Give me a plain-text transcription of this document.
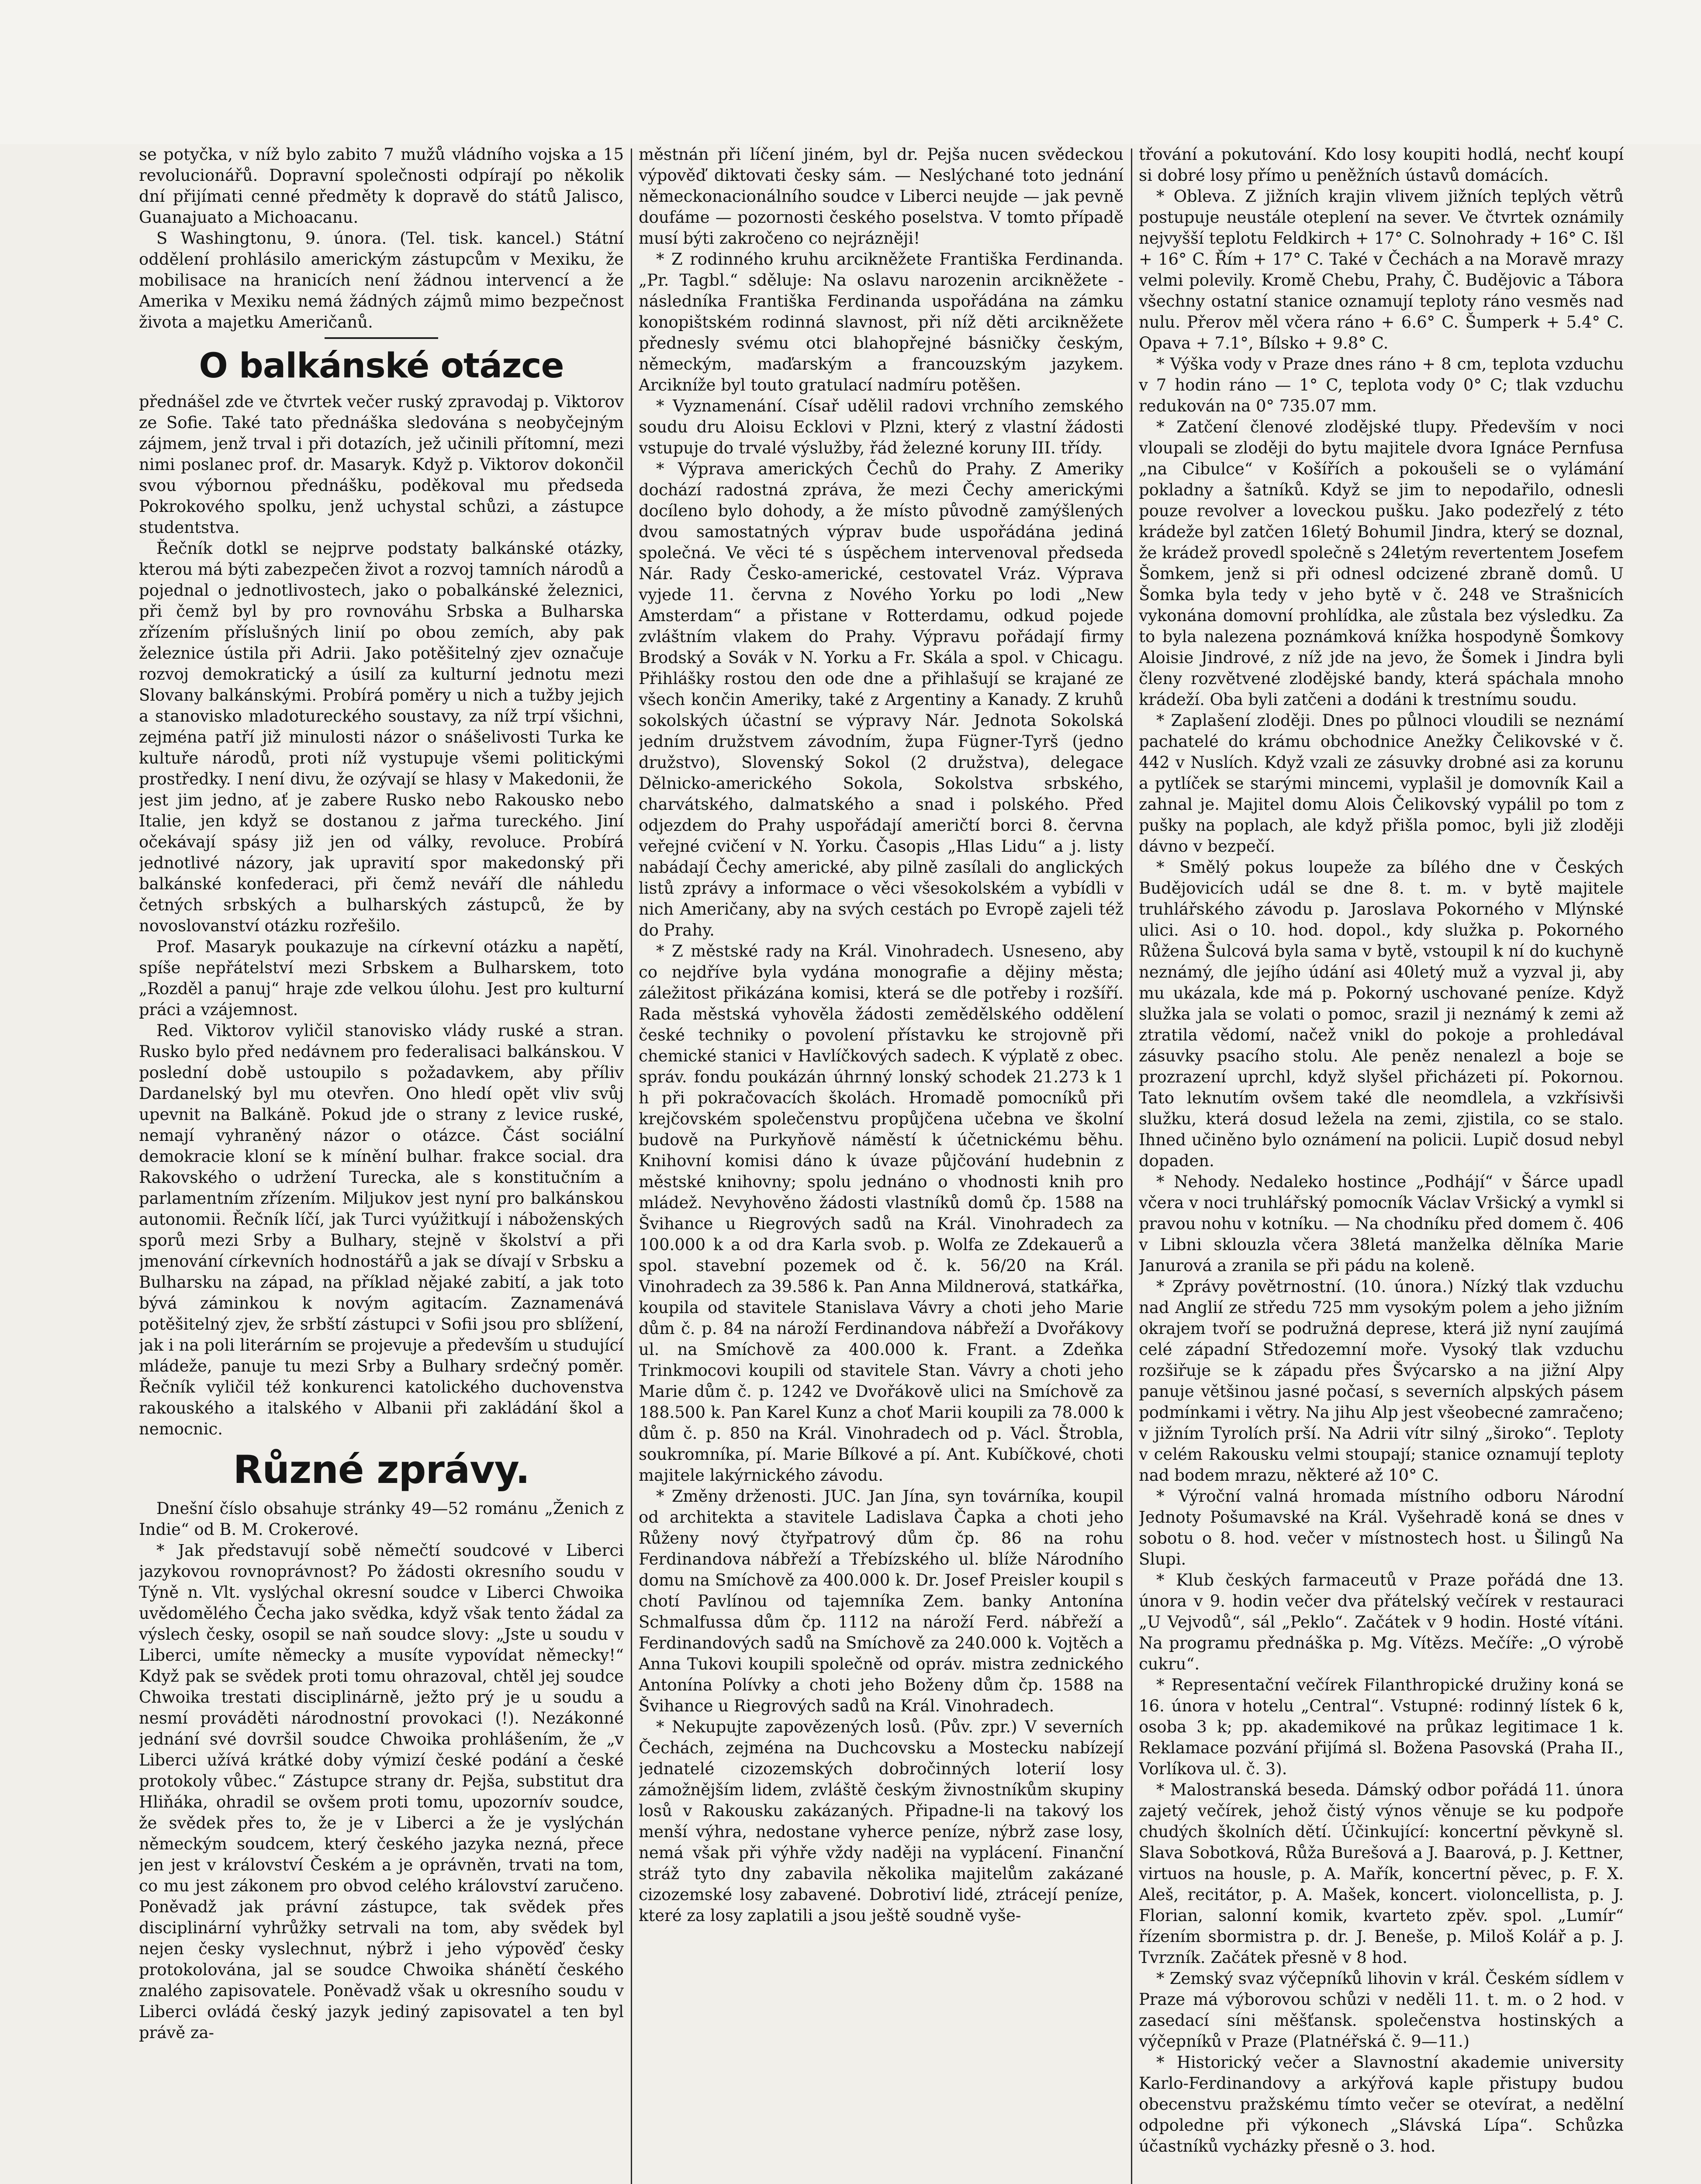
se potyčka, v níž bylo zabito 7 mužů vládního vojska a 15 revolucionářů. Dopravní společnosti odpírají po několik dní přijímati cenné předměty k dopravě do států Jalisco, Guanajuato a Michoacanu.

S Washingtonu, 9. února. (Tel. tisk. kancel.) Státní oddělení prohlásilo americkým zástupcům v Mexiku, že mobilisace na hranicích není žádnou intervencí a že Amerika v Mexiku nemá žádných zájmů mimo bezpečnost života a majetku Američanů.

O balkánské otázce

přednášel zde ve čtvrtek večer ruský zpravodaj p. Viktorov ze Sofie. Také tato přednáška sledována s neobyčejným zájmem, jenž trval i při dotazích, jež učinili přítomní, mezi nimi poslanec prof. dr. Masaryk. Když p. Viktorov dokončil svou výbornou přednášku, poděkoval mu předseda Pokrokového spolku, jenž uchystal schůzi, a zástupce studentstva.

Řečník dotkl se nejprve podstaty balkánské otázky, kterou má býti zabezpečen život a rozvoj tamních národů a pojednal o jednotlivostech, jako o pobalkánské železnici, při čemž byl by pro rovnováhu Srbska a Bulharska zřízením příslušných linií po obou zemích, aby pak železnice ústila při Adrii. Jako potěšitelný zjev označuje rozvoj demokratický a úsilí za kulturní jednotu mezi Slovany balkánskými. Probírá poměry u nich a tužby jejich a stanovisko mladotureckého soustavy, za níž trpí všichni, zejména patří již minulosti názor o snášelivosti Turka ke kultuře národů, proti níž vystupuje všemi politickými prostředky. I není divu, že ozývají se hlasy v Makedonii, že jest jim jedno, ať je zabere Rusko nebo Rakousko nebo Italie, jen když se dostanou z jařma tureckého. Jiní očekávají spásy již jen od války, revoluce. Probírá jednotlivé názory, jak upravití spor makedonský při balkánské konfederaci, při čemž neváří dle náhledu četných srbských a bulharských zástupců, že by novoslovanství otázku rozřešilo.

Prof. Masaryk poukazuje na církevní otázku a napětí, spíše nepřátelství mezi Srbskem a Bulharskem, toto „Rozděl a panuj“ hraje zde velkou úlohu. Jest pro kulturní práci a vzájemnost.

Red. Viktorov vyličil stanovisko vlády ruské a stran. Rusko bylo před nedávnem pro federalisaci balkánskou. V poslední době ustoupilo s požadavkem, aby příliv Dardanelský byl mu otevřen. Ono hledí opět vliv svůj upevnit na Balkáně. Pokud jde o strany z levice ruské, nemají vyhraněný názor o otázce. Část sociální demokracie kloní se k mínění bulhar. frakce social. dra Rakovského o udržení Turecka, ale s konstitučním a parlamentním zřízením. Miljukov jest nyní pro balkánskou autonomii. Řečník líčí, jak Turci vyúžitkují i náboženských sporů mezi Srby a Bulhary, stejně v školství a při jmenování církevních hodnostářů a jak se dívají v Srbsku a Bulharsku na západ, na příklad nějaké zabití, a jak toto bývá záminkou k novým agitacím. Zaznamenává potěšitelný zjev, že srbští zástupci v Sofii jsou pro sblížení, jak i na poli literárním se projevuje a především u studující mládeže, panuje tu mezi Srby a Bulhary srdečný poměr. Řečník vyličil též konkurenci katolického duchovenstva rakouského a italského v Albanii při zakládání škol a nemocnic.

Různé zprávy.

Dnešní číslo obsahuje stránky 49—52 románu „Ženich z Indie“ od B. M. Crokerové.

* Jak představují sobě němečtí soudcové v Liberci jazykovou rovnoprávnost? Po žádosti okresního soudu v Týně n. Vlt. vyslýchal okresní soudce v Liberci Chwoika uvědomělého Čecha jako svědka, když však tento žádal za výslech česky, osopil se naň soudce slovy: „Jste u soudu v Liberci, umíte německy a musíte vypovídat německy!“ Když pak se svědek proti tomu ohrazoval, chtěl jej soudce Chwoika trestati disciplinárně, ježto prý je u soudu a nesmí prováděti národnostní provokaci (!). Nezákonné jednání své dovršil soudce Chwoika prohlášením, že „v Liberci užívá krátké doby výmizí české podání a české protokoly vůbec.“ Zástupce strany dr. Pejša, substitut dra Hliňáka, ohradil se ovšem proti tomu, upozornív soudce, že svědek přes to, že je v Liberci a že je vyslýchán německým soudcem, který českého jazyka nezná, přece jen jest v království Českém a je oprávněn, trvati na tom, co mu jest zákonem pro obvod celého království zaručeno. Poněvadž jak právní zástupce, tak svědek přes disciplinární vyhrůžky setrvali na tom, aby svědek byl nejen česky vyslechnut, nýbrž i jeho výpověď česky protokolována, jal se soudce Chwoika shánětí českého znalého zapisovatele. Poněvadž však u okresního soudu v Liberci ovládá český jazyk jediný zapisovatel a ten byl právě za-

městnán při líčení jiném, byl dr. Pejša nucen svědeckou výpověď diktovati česky sám. — Neslýchané toto jednání německonacionálního soudce v Liberci neujde — jak pevně doufáme — pozornosti českého poselstva. V tomto případě musí býti zakročeno co nejrázněji!

* Z rodinného kruhu arcikněžete Františka Ferdinanda. „Pr. Tagbl.“ sděluje: Na oslavu narozenin arcikněžete - následníka Františka Ferdinanda uspořádána na zámku konopištském rodinná slavnost, při níž děti arcikněžete přednesly svému otci blahopřejné básničky českým, německým, maďarským a francouzským jazykem. Arcikníže byl touto gratulací nadmíru potěšen.

* Vyznamenání. Císař udělil radovi vrchního zemského soudu dru Aloisu Ecklovi v Plzni, který z vlastní žádosti vstupuje do trvalé výslužby, řád železné koruny III. třídy.

* Výprava amerických Čechů do Prahy. Z Ameriky dochází radostná zpráva, že mezi Čechy americkými docíleno bylo dohody, a že místo původně zamýšlených dvou samostatných výprav bude uspořádána jediná společná. Ve věci té s úspěchem intervenoval předseda Nár. Rady Česko-americké, cestovatel Vráz. Výprava vyjede 11. června z Nového Yorku po lodi „New Amsterdam“ a přistane v Rotterdamu, odkud pojede zvláštním vlakem do Prahy. Výpravu pořádají firmy Brodský a Sovák v N. Yorku a Fr. Skála a spol. v Chicagu. Přihlášky rostou den ode dne a přihlašují se krajané ze všech končin Ameriky, také z Argentiny a Kanady. Z kruhů sokolských účastní se výpravy Nár. Jednota Sokolská jedním družstvem závodním, župa Fügner-Tyrš (jedno družstvo), Slovenský Sokol (2 družstva), delegace Dělnicko-amerického Sokola, Sokolstva srbského, charvátského, dalmatského a snad i polského. Před odjezdem do Prahy uspořádají američtí borci 8. června veřejné cvičení v N. Yorku. Časopis „Hlas Lidu“ a j. listy nabádají Čechy americké, aby pilně zasílali do anglických listů zprávy a informace o věci všesokolském a vybídli v nich Američany, aby na svých cestách po Evropě zajeli též do Prahy.

* Z městské rady na Král. Vinohradech. Usneseno, aby co nejdříve byla vydána monografie a dějiny města; záležitost přikázána komisi, která se dle potřeby i rozšíří. Rada městská vyhověla žádosti zemědělského oddělení české techniky o povolení přístavku ke strojovně při chemické stanici v Havlíčkových sadech. K výplatě z obec. správ. fondu poukázán úhrnný lonský schodek 21.273 k 1 h při pokračovacích školách. Hromadě pomocníků při krejčovském společenstvu propůjčena učebna ve školní budově na Purkyňově náměstí k účetnickému běhu. Knihovní komisi dáno k úvaze půjčování hudebnin z městské knihovny; spolu jednáno o vhodnosti knih pro mládež. Nevyhověno žádosti vlastníků domů čp. 1588 na Švihance u Riegrových sadů na Král. Vinohradech za 100.000 k a od dra Karla svob. p. Wolfa ze Zdekauerů a spol. stavební pozemek od č. k. 56/20 na Král. Vinohradech za 39.586 k. Pan Anna Mildnerová, statkářka, koupila od stavitele Stanislava Vávry a choti jeho Marie dům č. p. 84 na nároží Ferdinandova nábřeží a Dvořákovy ul. na Smíchově za 400.000 k. Frant. a Zdeňka Trinkmocovi koupili od stavitele Stan. Vávry a choti jeho Marie dům č. p. 1242 ve Dvořákově ulici na Smíchově za 188.500 k. Pan Karel Kunz a choť Marii koupili za 78.000 k dům č. p. 850 na Král. Vinohradech od p. Václ. Štrobla, soukromníka, pí. Marie Bílkové a pí. Ant. Kubíčkové, choti majitele lakýrnického závodu.

* Změny drženosti. JUC. Jan Jína, syn továrníka, koupil od architekta a stavitele Ladislava Čapka a choti jeho Růženy nový čtyřpatrový dům čp. 86 na rohu Ferdinandova nábřeží a Třebízského ul. blíže Národního domu na Smíchově za 400.000 k. Dr. Josef Preisler koupil s chotí Pavlínou od tajemníka Zem. banky Antonína Schmalfussa dům čp. 1112 na nároží Ferd. nábřeží a Ferdinandových sadů na Smíchově za 240.000 k. Vojtěch a Anna Tukovi koupili společně od opráv. mistra zednického Antonína Polívky a choti jeho Boženy dům čp. 1588 na Švihance u Riegrových sadů na Král. Vinohradech.

* Nekupujte zapovězených losů. (Pův. zpr.) V severních Čechách, zejména na Duchcovsku a Mostecku nabízejí jednatelé cizozemských dobročinných loterií losy zámožnějším lidem, zvláště českým živnostníkům skupiny losů v Rakousku zakázaných. Připadne-li na takový los menší výhra, nedostane vyherce peníze, nýbrž zase losy, nemá však při výhře vždy naději na vyplácení. Finanční stráž tyto dny zabavila několika majitelům zakázané cizozemské losy zabavené. Dobrotiví lidé, ztrácejí peníze, které za losy zaplatili a jsou ještě soudně vyše-

třování a pokutování. Kdo losy koupiti hodlá, nechť koupí si dobré losy přímo u peněžních ústavů domácích.

* Obleva. Z jižních krajin vlivem jižních teplých větrů postupuje neustále oteplení na sever. Ve čtvrtek oznámily nejvyšší teplotu Feldkirch + 17° C. Solnohrady + 16° C. Išl + 16° C. Řím + 17° C. Také v Čechách a na Moravě mrazy velmi polevily. Kromě Chebu, Prahy, Č. Budějovic a Tábora všechny ostatní stanice oznamují teploty ráno vesměs nad nulu. Přerov měl včera ráno + 6.6° C. Šumperk + 5.4° C. Opava + 7.1°, Bílsko + 9.8° C.

* Výška vody v Praze dnes ráno + 8 cm, teplota vzduchu v 7 hodin ráno — 1° C, teplota vody 0° C; tlak vzduchu redukován na 0° 735.07 mm.

* Zatčení členové zlodějské tlupy. Především v noci vloupali se zloději do bytu majitele dvora Ignáce Pernfusa „na Cibulce“ v Košířích a pokoušeli se o vylámání pokladny a šatníků. Když se jim to nepodařilo, odnesli pouze revolver a loveckou pušku. Jako podezřelý z této krádeže byl zatčen 16letý Bohumil Jindra, který se doznal, že krádež provedl společně s 24letým revertentem Josefem Šomkem, jenž si při odnesl odcizené zbraně domů. U Šomka byla tedy v jeho bytě v č. 248 ve Strašnicích vykonána domovní prohlídka, ale zůstala bez výsledku. Za to byla nalezena poznámková knížka hospodyně Šomkovy Aloisie Jindrové, z níž jde na jevo, že Šomek i Jindra byli členy rozvětvené zlodějské bandy, která spáchala mnoho krádeží. Oba byli zatčeni a dodáni k trestnímu soudu.

* Zaplašení zloději. Dnes po půlnoci vloudili se neznámí pachatelé do krámu obchodnice Anežky Čelikovské v č. 442 v Nuslích. Když vzali ze zásuvky drobné asi za korunu a pytlíček se starými mincemi, vyplašil je domovník Kail a zahnal je. Majitel domu Alois Čelikovský vypálil po tom z pušky na poplach, ale když přišla pomoc, byli již zloději dávno v bezpečí.

* Smělý pokus loupeže za bílého dne v Českých Budějovicích udál se dne 8. t. m. v bytě majitele truhlářského závodu p. Jaroslava Pokorného v Mlýnské ulici. Asi o 10. hod. dopol., kdy služka p. Pokorného Růžena Šulcová byla sama v bytě, vstoupil k ní do kuchyně neznámý, dle jejího údání asi 40letý muž a vyzval ji, aby mu ukázala, kde má p. Pokorný uschované peníze. Když služka jala se volati o pomoc, srazil ji neznámý k zemi až ztratila vědomí, načež vnikl do pokoje a prohledával zásuvky psacího stolu. Ale peněz nenalezl a boje se prozrazení uprchl, když slyšel přicházeti pí. Pokornou. Tato leknutím ovšem také dle neomdlela, a vzkřísivši služku, která dosud ležela na zemi, zjistila, co se stalo. Ihned učiněno bylo oznámení na policii. Lupič dosud nebyl dopaden.

* Nehody. Nedaleko hostince „Podhájí“ v Šárce upadl včera v noci truhlářský pomocník Václav Vršický a vymkl si pravou nohu v kotníku. — Na chodníku před domem č. 406 v Libni sklouzla včera 38letá manželka dělníka Marie Janurová a zranila se při pádu na koleně.

* Zprávy povětrnostní. (10. února.) Nízký tlak vzduchu nad Anglií ze středu 725 mm vysokým polem a jeho jižním okrajem tvoří se podružná deprese, která již nyní zaujímá celé západní Středozemní moře. Vysoký tlak vzduchu rozšiřuje se k západu přes Švýcarsko a na jižní Alpy panuje většinou jasné počasí, s severních alpských pásem podmínkami i větry. Na jihu Alp jest všeobecné zamračeno; v jižním Tyrolích prší. Na Adrii vítr silný „široko“. Teploty v celém Rakousku velmi stoupají; stanice oznamují teploty nad bodem mrazu, některé až 10° C.

* Výroční valná hromada místního odboru Národní Jednoty Pošumavské na Král. Vyšehradě koná se dnes v sobotu o 8. hod. večer v místnostech host. u Šilingů Na Slupi.

* Klub českých farmaceutů v Praze pořádá dne 13. února v 9. hodin večer dva přátelský večírek v restauraci „U Vejvodů“, sál „Peklo“. Začátek v 9 hodin. Hosté vítáni. Na programu přednáška p. Mg. Vítězs. Mečíře: „O výrobě cukru“.

* Representační večírek Filanthropické družiny koná se 16. února v hotelu „Central“. Vstupné: rodinný lístek 6 k, osoba 3 k; pp. akademikové na průkaz legitimace 1 k. Reklamace pozvání přijímá sl. Božena Pasovská (Praha II., Vorlíkova ul. č. 3).

* Malostranská beseda. Dámský odbor pořádá 11. února zajetý večírek, jehož čistý výnos věnuje se ku podpoře chudých školních dětí. Účinkující: koncertní pěvkyně sl. Slava Sobotková, Růža Burešová a J. Baarová, p. J. Kettner, virtuos na housle, p. A. Mařík, koncertní pěvec, p. F. X. Aleš, recitátor, p. A. Mašek, koncert. violoncellista, p. J. Florian, salonní komik, kvarteto zpěv. spol. „Lumír“ řízením sbormistra p. dr. J. Beneše, p. Miloš Kolář a p. J. Tvrzník. Začátek přesně v 8 hod.

* Zemský svaz výčepníků lihovin v král. Českém sídlem v Praze má výborovou schůzi v neděli 11. t. m. o 2 hod. v zasedací síni měšťansk. společenstva hostinských a výčepníků v Praze (Platnéřská č. 9—11.)

* Historický večer a Slavnostní akademie university Karlo-Ferdinandovy a arkýřová kaple přistupy budou obecenstvu pražskému tímto večer se otevírat, a nedělní odpoledne při výkonech „Slávská Lípa“. Schůzka účastníků vycházky přesně o 3. hod.
